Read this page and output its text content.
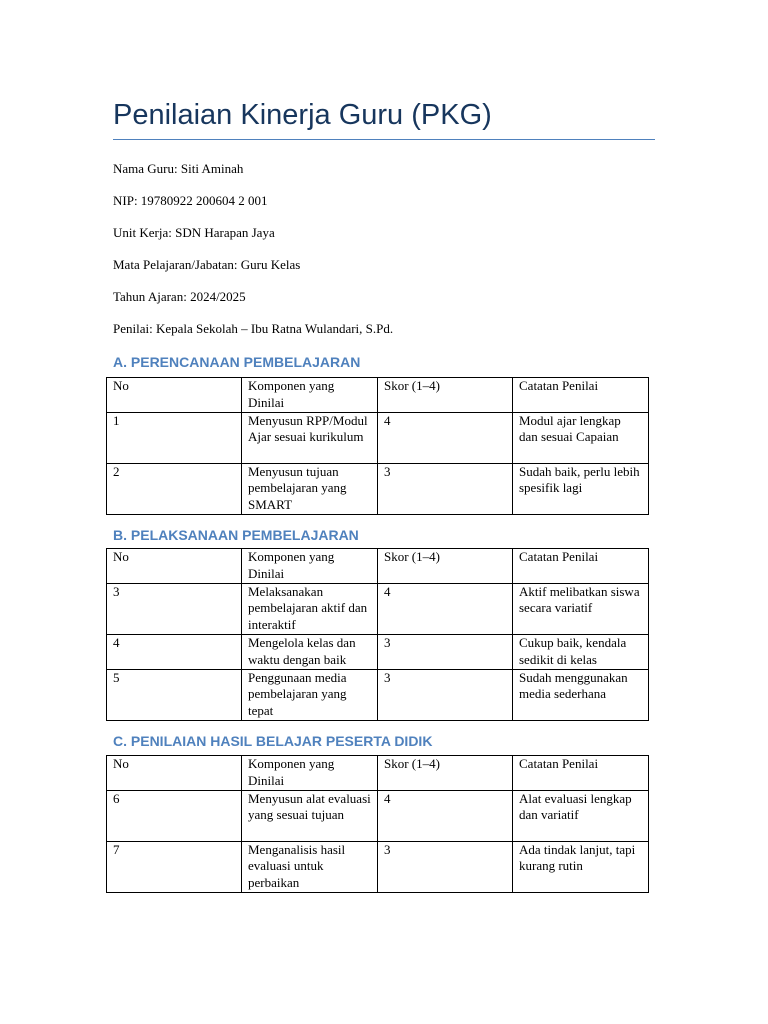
Penilaian Kinerja Guru (PKG)

Nama Guru: Siti Aminah

NIP: 19780922 200604 2 001

Unit Kerja: SDN Harapan Jaya

Mata Pelajaran/Jabatan: Guru Kelas

Tahun Ajaran: 2024/2025

Penilai: Kepala Sekolah – Ibu Ratna Wulandari, S.Pd.

A. PERENCANAAN PEMBELAJARAN
No	Komponen yang Dinilai	Skor (1–4)	Catatan Penilai
1	Menyusun RPP/Modul Ajar sesuai kurikulum	4	Modul ajar lengkap dan sesuai Capaian
2	Menyusun tujuan pembelajaran yang SMART	3	Sudah baik, perlu lebih spesifik lagi
B. PELAKSANAAN PEMBELAJARAN
No	Komponen yang Dinilai	Skor (1–4)	Catatan Penilai
3	Melaksanakan pembelajaran aktif dan interaktif	4	Aktif melibatkan siswa secara variatif
4	Mengelola kelas dan waktu dengan baik	3	Cukup baik, kendala sedikit di kelas
5	Penggunaan media pembelajaran yang tepat	3	Sudah menggunakan media sederhana
C. PENILAIAN HASIL BELAJAR PESERTA DIDIK
No	Komponen yang Dinilai	Skor (1–4)	Catatan Penilai
6	Menyusun alat evaluasi yang sesuai tujuan	4	Alat evaluasi lengkap dan variatif
7	Menganalisis hasil evaluasi untuk perbaikan	3	Ada tindak lanjut, tapi kurang rutin
